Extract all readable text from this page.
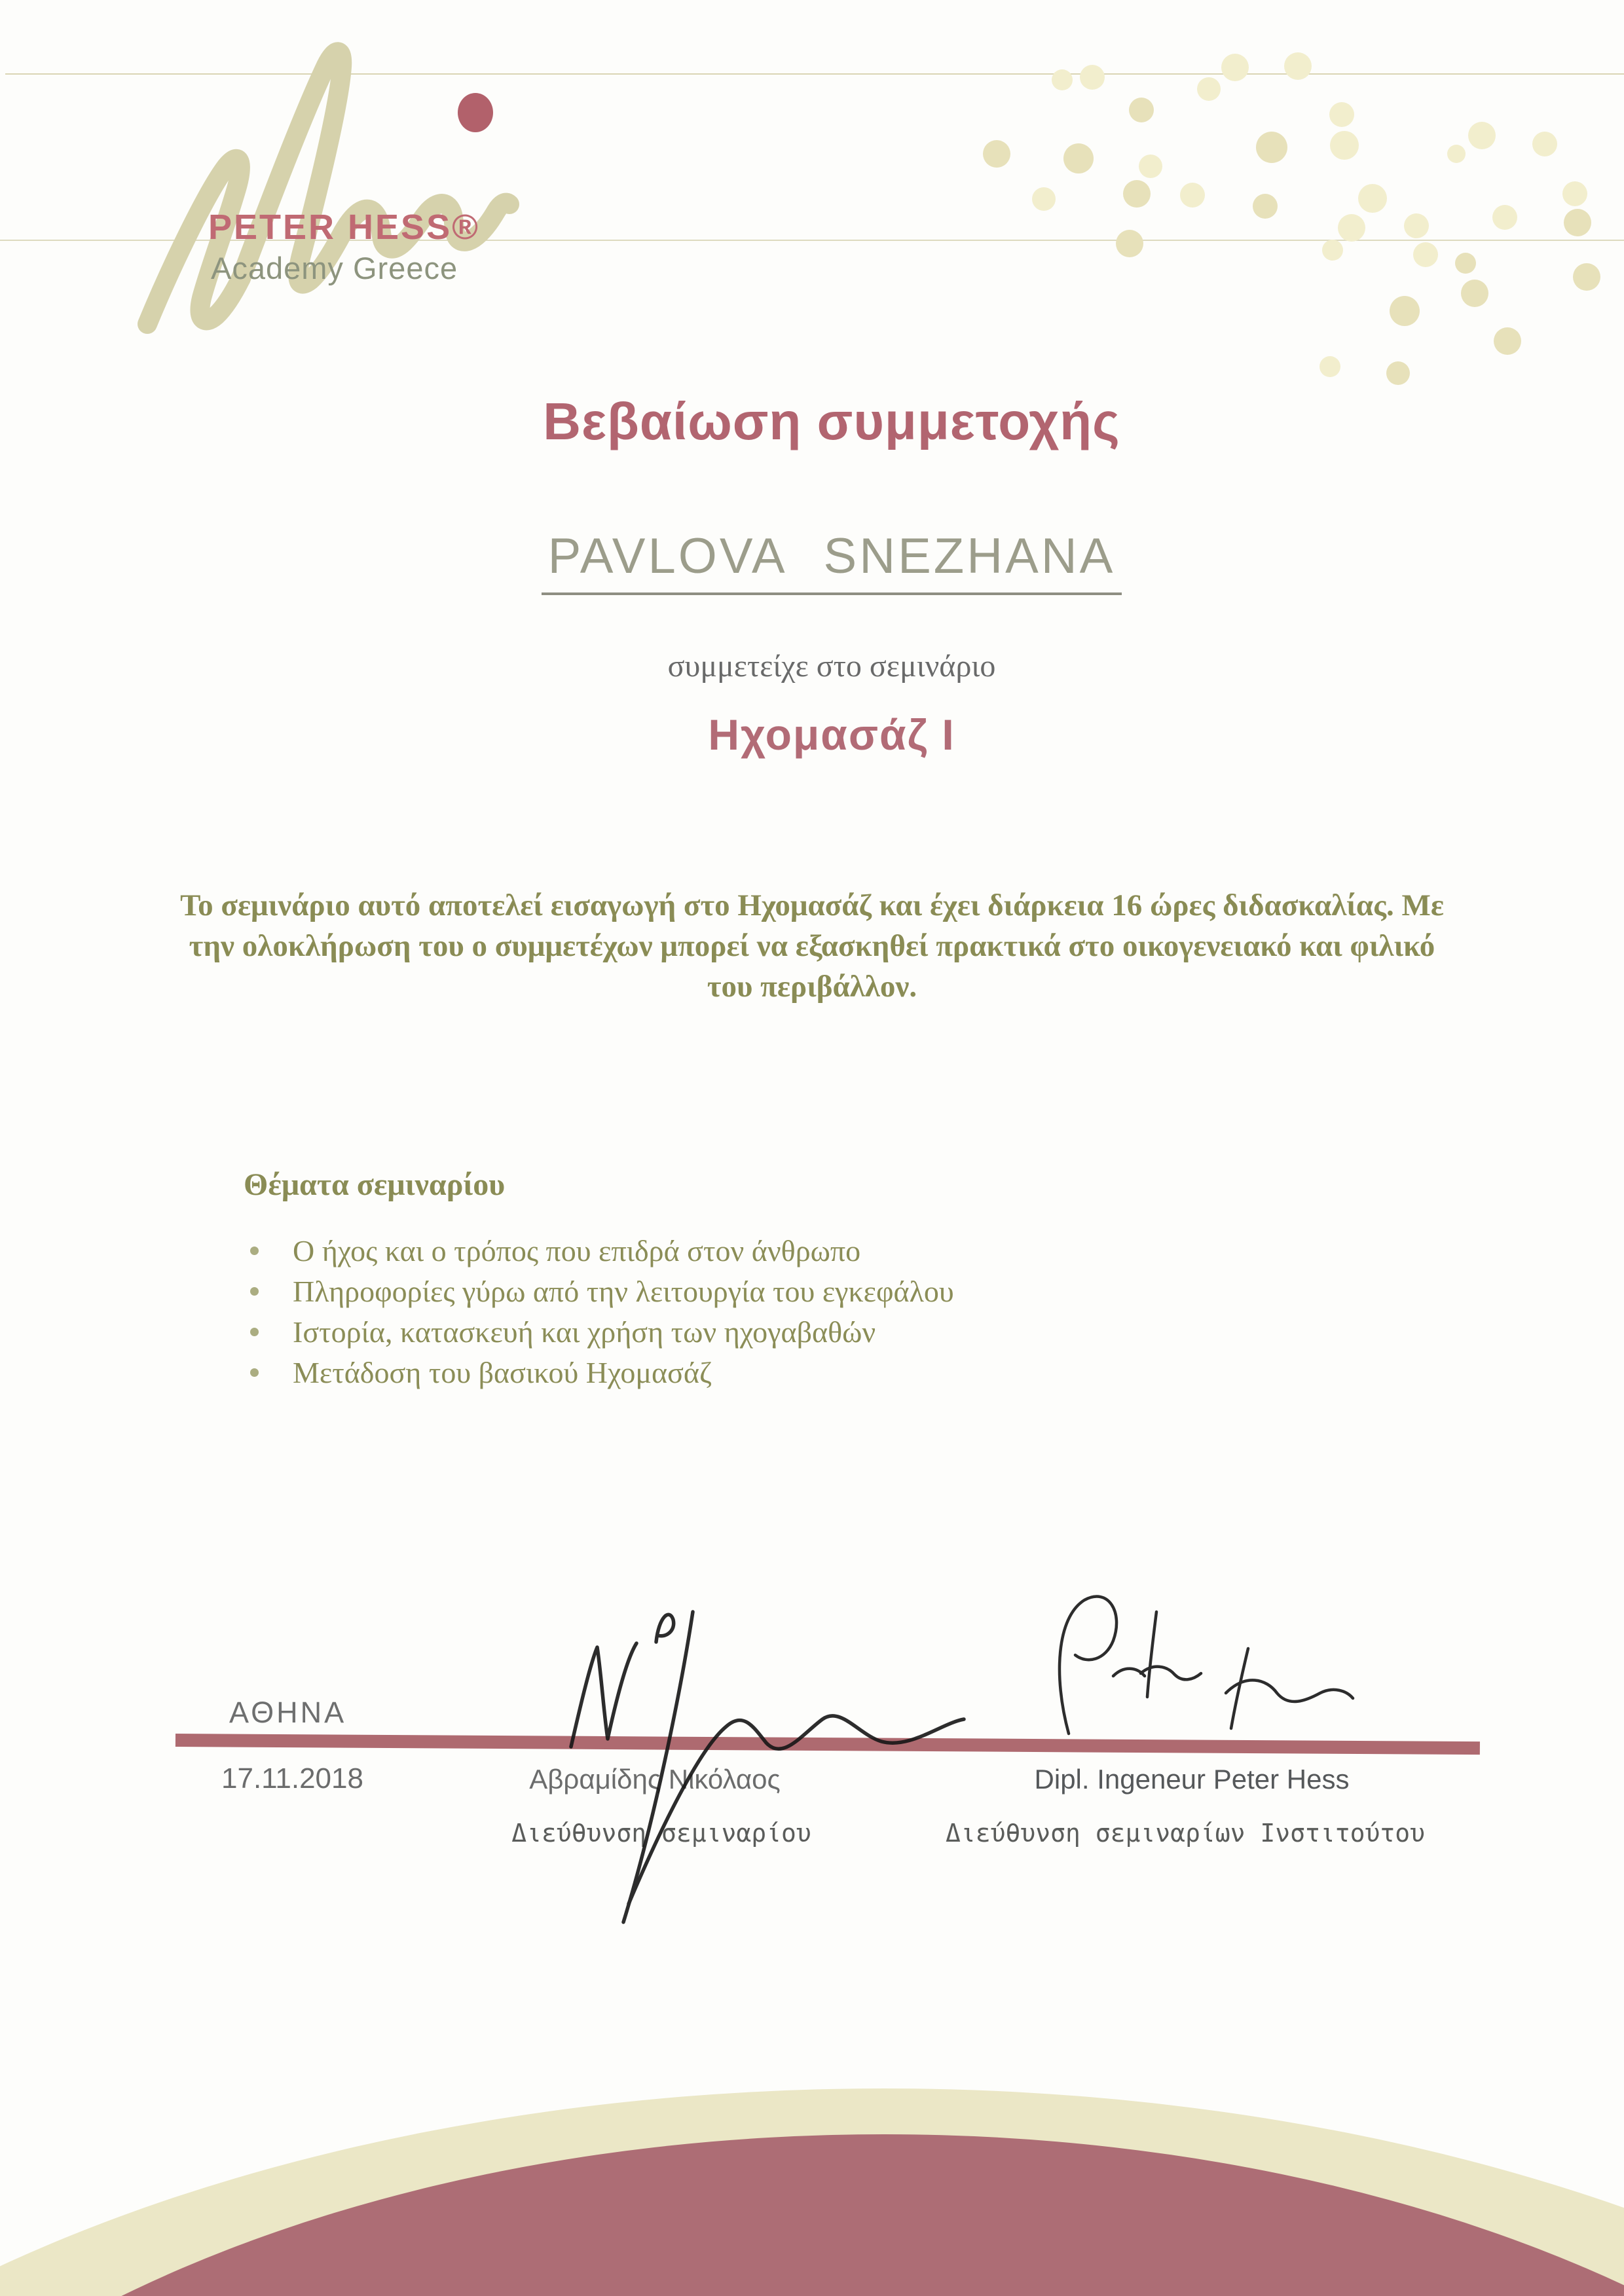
PETER HESS®
Academy Greece
Βεβαίωση συμμετοχής
PAVLOVA SNEZHANA
συμμετείχε στο σεμινάριο
Ηχομασάζ Ι
Το σεμινάριο αυτό αποτελεί εισαγωγή στο Ηχομασάζ και έχει διάρκεια 16 ώρες διδασκαλίας. Με την ολοκλήρωση του ο συμμετέχων μπορεί να εξασκηθεί πρακτικά στο οικογενειακό και φιλικό του περιβάλλον.
Θέματα σεμιναρίου
Ο ήχος και ο τρόπος που επιδρά στον άνθρωπο
Πληροφορίες γύρω από την λειτουργία του εγκεφάλου
Ιστορία, κατασκευή και χρήση των ηχογαβαθών
Μετάδοση του βασικού Ηχομασάζ
ΑΘΗΝΑ
17.11.2018	Αβραμίδης Νικόλαος	Dipl. Ingeneur Peter Hess
Διεύθυνση σεμιναρίου	Διεύθυνση σεμιναρίων Ινστιτούτου
